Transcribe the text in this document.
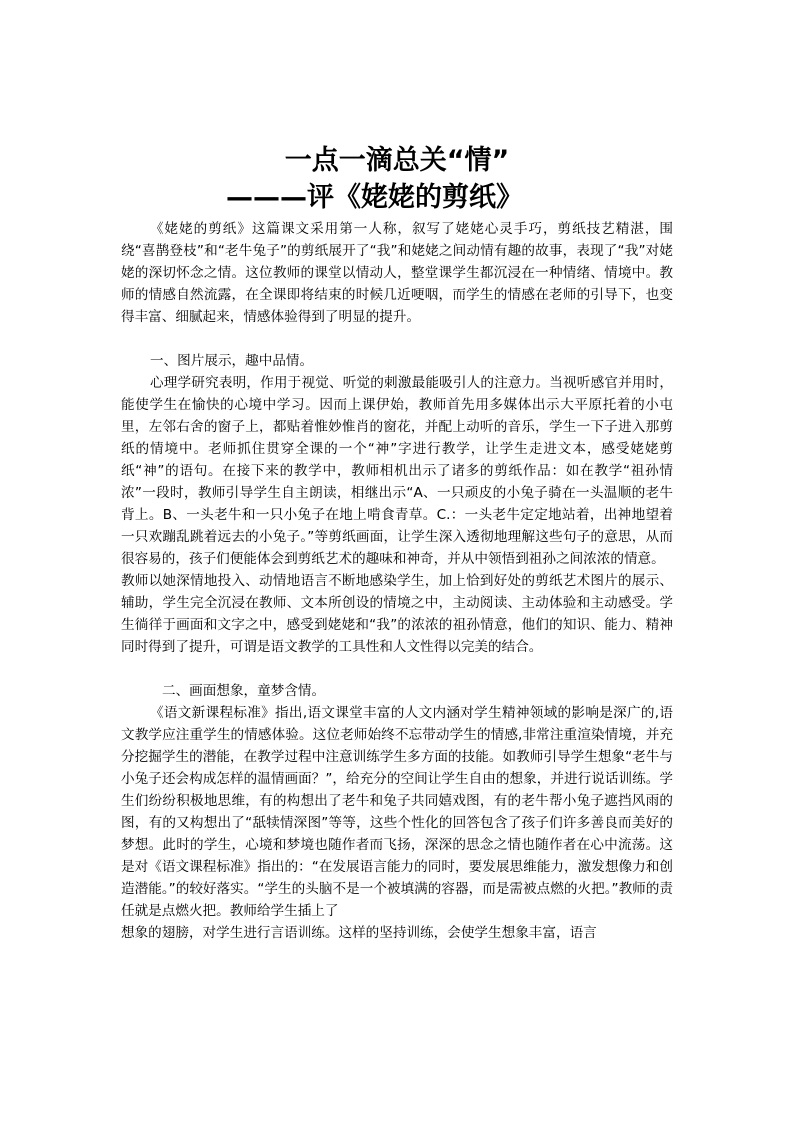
一点一滴总关“情”
———评《姥姥的剪纸》

《姥姥的剪纸》这篇课文采用第一人称，叙写了姥姥心灵手巧，剪纸技艺精湛，围绕“喜鹊登枝”和“老牛兔子”的剪纸展开了“我”和姥姥之间动情有趣的故事，表现了“我”对姥姥的深切怀念之情。这位教师的课堂以情动人，整堂课学生都沉浸在一种情绪、情境中。教师的情感自然流露，在全课即将结束的时候几近哽咽，而学生的情感在老师的引导下，也变得丰富、细腻起来，情感体验得到了明显的提升。

一、图片展示，趣中品情。

心理学研究表明，作用于视觉、听觉的刺激最能吸引人的注意力。当视听感官并用时，能使学生在愉快的心境中学习。因而上课伊始，教师首先用多媒体出示大平原托着的小屯里，左邻右舍的窗子上，都贴着惟妙惟肖的窗花，并配上动听的音乐，学生一下子进入那剪纸的情境中。老师抓住贯穿全课的一个“神”字进行教学，让学生走进文本，感受姥姥剪纸“神”的语句。在接下来的教学中，教师相机出示了诸多的剪纸作品：如在教学“祖孙情浓”一段时，教师引导学生自主朗读，相继出示“A、一只顽皮的小兔子骑在一头温顺的老牛背上。B、一头老牛和一只小兔子在地上啃食青草。C.：一头老牛定定地站着，出神地望着一只欢蹦乱跳着远去的小兔子。”等剪纸画面，让学生深入透彻地理解这些句子的意思，从而很容易的，孩子们便能体会到剪纸艺术的趣味和神奇，并从中领悟到祖孙之间浓浓的情意。

教师以她深情地投入、动情地语言不断地感染学生，加上恰到好处的剪纸艺术图片的展示、辅助，学生完全沉浸在教师、文本所创设的情境之中，主动阅读、主动体验和主动感受。学生徜徉于画面和文字之中，感受到姥姥和“我”的浓浓的祖孙情意，他们的知识、能力、精神同时得到了提升，可谓是语文教学的工具性和人文性得以完美的结合。

二、画面想象，童梦含情。

《语文新课程标准》指出,语文课堂丰富的人文内涵对学生精神领域的影响是深广的,语文教学应注重学生的情感体验。这位老师始终不忘带动学生的情感,非常注重渲染情境，并充分挖掘学生的潜能，在教学过程中注意训练学生多方面的技能。如教师引导学生想象“老牛与小兔子还会构成怎样的温情画面？”，给充分的空间让学生自由的想象，并进行说话训练。学生们纷纷积极地思维，有的构想出了老牛和兔子共同嬉戏图，有的老牛帮小兔子遮挡风雨的图，有的又构想出了“舐犊情深图”等等，这些个性化的回答包含了孩子们许多善良而美好的梦想。此时的学生，心境和梦境也随作者而飞扬，深深的思念之情也随作者在心中流荡。这是对《语文课程标准》指出的：“在发展语言能力的同时，要发展思维能力，激发想像力和创造潜能。”的较好落实。“学生的头脑不是一个被填满的容器，而是需被点燃的火把。”教师的责任就是点燃火把。教师给学生插上了

想象的翅膀，对学生进行言语训练。这样的坚持训练，会使学生想象丰富，语言
